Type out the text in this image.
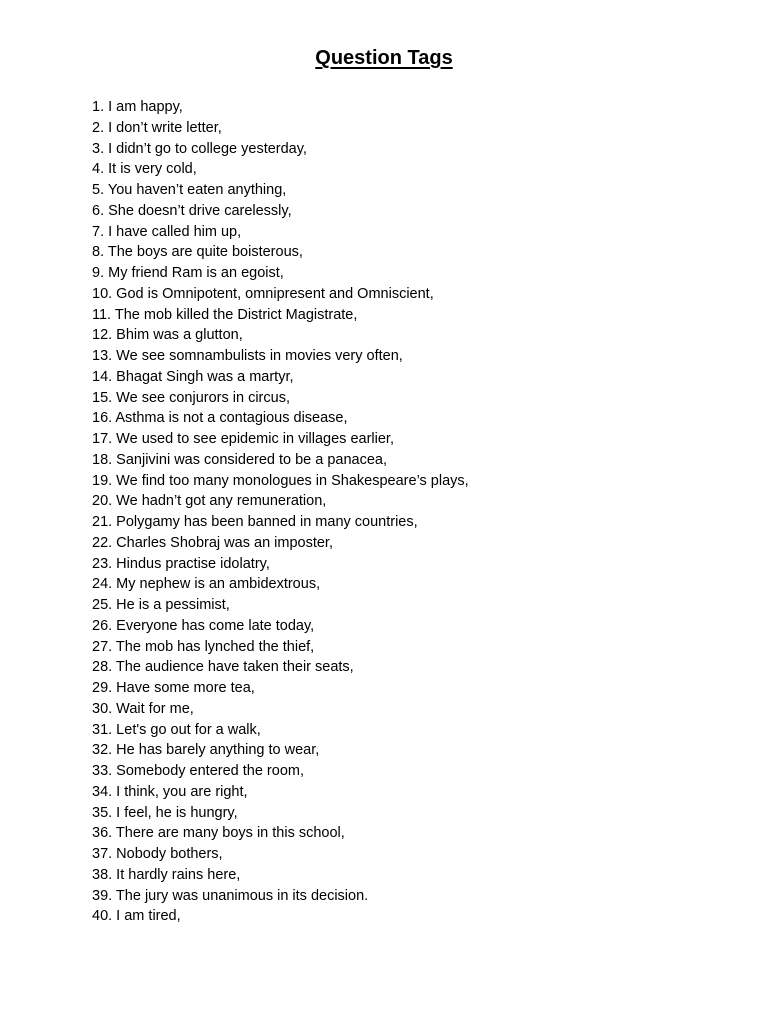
Question Tags
1. I am happy,
2. I don’t write letter,
3. I didn’t go to college yesterday,
4. It is very cold,
5. You haven’t eaten anything,
6. She doesn’t drive carelessly,
7. I have called him up,
8. The boys are quite boisterous,
9. My friend Ram is an egoist,
10. God is Omnipotent, omnipresent and Omniscient,
11. The mob killed the District Magistrate,
12. Bhim was a glutton,
13. We see somnambulists in movies very often,
14. Bhagat Singh was a martyr,
15. We see conjurors in circus,
16. Asthma is not a contagious disease,
17. We used to see epidemic in villages earlier,
18. Sanjivini was considered to be a panacea,
19. We find too many monologues in Shakespeare’s plays,
20. We hadn’t got any remuneration,
21. Polygamy has been banned in many countries,
22. Charles Shobraj was an imposter,
23. Hindus practise idolatry,
24. My nephew is an ambidextrous,
25. He is a pessimist,
26. Everyone has come late today,
27. The mob has lynched the thief,
28. The audience have taken their seats,
29. Have some more tea,
30. Wait for me,
31. Let's go out for a walk,
32. He has barely anything to wear,
33. Somebody entered the room,
34. I think, you are right,
35. I feel, he is hungry,
36. There are many boys in this school,
37. Nobody bothers,
38. It hardly rains here,
39. The jury was unanimous in its decision.
40. I am tired,
